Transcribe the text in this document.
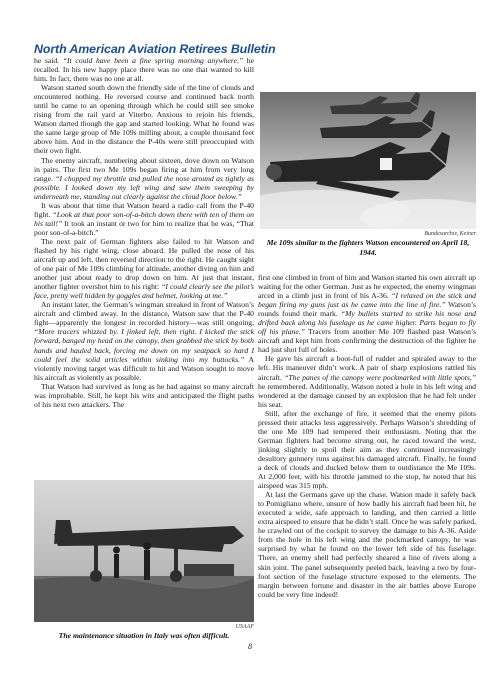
North American Aviation Retirees Bulletin

he said. “It could have been a fine spring morning anywhere,” he recalled. In his new happy place there was no one that wanted to kill him. In fact, there was no one at all.

Watson started south down the friendly side of the line of clouds and encountered nothing. He reversed course and continued back north until he came to an opening through which he could still see smoke rising from the rail yard at Viterbo. Anxious to rejoin his friends, Watson darted though the gap and started looking. What he found was the same large group of Me 109s milling about, a couple thousand feet above him. And in the distance the P-40s were still preoccupied with their own fight.

The enemy aircraft, numbering about sixteen, dove down on Watson in pairs. The first two Me 109s began firing at him from very long range. “I chopped my throttle and pulled the nose around as tightly as possible. I looked down my left wing and saw them sweeping by underneath me, standing out clearly against the cloud floor below.”

It was about that time that Watson heard a radio call from the P-40 fight. “Look at that poor son-of-a-bitch down there with ten of them on his tail!” It took an instant or two for him to realize that he was, “That poor son-of-a-bitch.”

The next pair of German fighters also failed to hit Watson and flashed by his right wing, close aboard. He pulled the nose of his aircraft up and left, then reversed direction to the right. He caught sight of one pair of Me 109s climbing for altitude, another diving on him and another just about ready to drop down on him. At just that instant, another fighter overshot him to his right: “I could clearly see the pilot’s face, pretty well hidden by goggles and helmet, looking at me.”

An instant later, the German’s wingman streaked in front of Watson’s aircraft and climbed away. In the distance, Watson saw that the P-40 fight—apparently the longest in recorded history—was still ongoing, “More tracers whizzed by. I jinked left, then right. I kicked the stick forward, banged my head on the canopy, then grabbed the stick by both hands and hauled back, forcing me down on my seatpack so hard I could feel the solid articles within sinking into my buttocks.” A violently moving target was difficult to hit and Watson sought to move his aircraft as violently as possible.

That Watson had survived as long as he had against so many aircraft was improbable. Still, he kept his wits and anticipated the flight paths of his next two attackers. The

Bundesarchiv, Keiner
Me 109s similar to the fighters Watson encountered on April 18, 1944.

first one climbed in front of him and Watson started his own aircraft up waiting for the other German. Just as he expected, the enemy wingman arced in a climb just in front of his A-36. “I relaxed on the stick and began firing my guns just as he came into the line of fire.” Watson’s rounds found their mark. “My bullets started to strike his nose and drifted back along his fuselage as he came higher. Parts began to fly off his plane.” Tracers from another Me 109 flashed past Watson’s aircraft and kept him from confirming the destruction of the fighter he had just shot full of holes.

He gave his aircraft a boot-full of rudder and spiraled away to the left. His maneuver didn’t work. A pair of sharp explosions rattled his aircraft. “The panes of the canopy were pockmarked with little spots,” he remembered. Additionally, Watson noted a hole in his left wing and wondered at the damage caused by an explosion that he had felt under his seat.

Still, after the exchange of fire, it seemed that the enemy pilots pressed their attacks less aggressively. Perhaps Watson’s shredding of the one Me 109 had tempered their enthusiasm. Noting that the German fighters had become strung out, he raced toward the west, jinking slightly to spoil their aim as they continued increasingly desultory gunnery runs against his damaged aircraft. Finally, he found a deck of clouds and ducked below them to outdistance the Me 109s. At 2,000 feet, with his throttle jammed to the stop, he noted that his airspeed was 315 mph.

At last the Germans gave up the chase. Watson made it safely back to Pomigliano where, unsure of how badly his aircraft had been hit, he executed a wide, safe approach to landing, and then carried a little extra airspeed to ensure that he didn’t stall. Once he was safely parked, he crawled out of the cockpit to survey the damage to his A-36. Aside from the hole in his left wing and the pockmarked canopy, he was surprised by what he found on the lower left side of his fuselage. There, an enemy shell had perfectly sheared a line of rivets along a skin joint. The panel subsequently peeled back, leaving a two by four-foot section of the fuselage structure exposed to the elements. The margin between fortune and disaster in the air battles above Europe could be very fine indeed!

USAAF
The maintenance situation in Italy was often difficult.
8
